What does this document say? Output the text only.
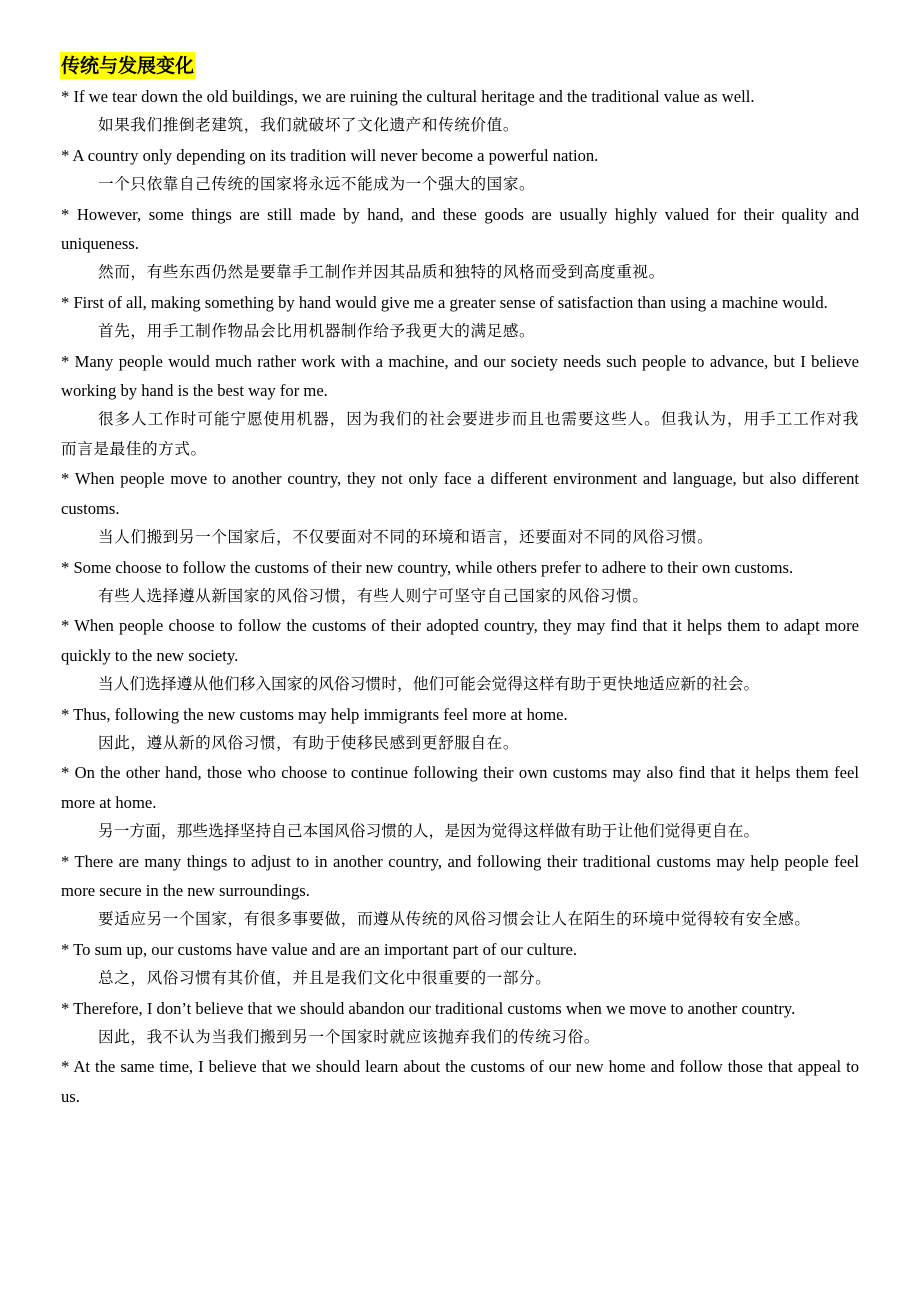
传统与发展变化

* If we tear down the old buildings, we are ruining the cultural heritage and the traditional value as well.

如果我们推倒老建筑，我们就破坏了文化遗产和传统价值。

* A country only depending on its tradition will never become a powerful nation.

一个只依靠自己传统的国家将永远不能成为一个强大的国家。

* However, some things are still made by hand, and these goods are usually highly valued for their quality and uniqueness.

然而，有些东西仍然是要靠手工制作并因其品质和独特的风格而受到高度重视。

* First of all, making something by hand would give me a greater sense of satisfaction than using a machine would.

首先，用手工制作物品会比用机器制作给予我更大的满足感。

* Many people would much rather work with a machine, and our society needs such people to advance, but I believe working by hand is the best way for me.

很多人工作时可能宁愿使用机器，因为我们的社会要进步而且也需要这些人。但我认为，用手工工作对我而言是最佳的方式。

* When people move to another country, they not only face a different environment and language, but also different customs.

当人们搬到另一个国家后，不仅要面对不同的环境和语言，还要面对不同的风俗习惯。

* Some choose to follow the customs of their new country, while others prefer to adhere to their own customs.

有些人选择遵从新国家的风俗习惯，有些人则宁可坚守自己国家的风俗习惯。

* When people choose to follow the customs of their adopted country, they may find that it helps them to adapt more quickly to the new society.

当人们选择遵从他们移入国家的风俗习惯时，他们可能会觉得这样有助于更快地适应新的社会。

* Thus, following the new customs may help immigrants feel more at home.

因此，遵从新的风俗习惯，有助于使移民感到更舒服自在。

* On the other hand, those who choose to continue following their own customs may also find that it helps them feel more at home.

另一方面，那些选择坚持自己本国风俗习惯的人，是因为觉得这样做有助于让他们觉得更自在。

* There are many things to adjust to in another country, and following their traditional customs may help people feel more secure in the new surroundings.

要适应另一个国家，有很多事要做，而遵从传统的风俗习惯会让人在陌生的环境中觉得较有安全感。

* To sum up, our customs have value and are an important part of our culture.

总之，风俗习惯有其价值，并且是我们文化中很重要的一部分。

* Therefore, I don’t believe that we should abandon our traditional customs when we move to another country.

因此，我不认为当我们搬到另一个国家时就应该抛弃我们的传统习俗。

* At the same time, I believe that we should learn about the customs of our new home and follow those that appeal to us.
